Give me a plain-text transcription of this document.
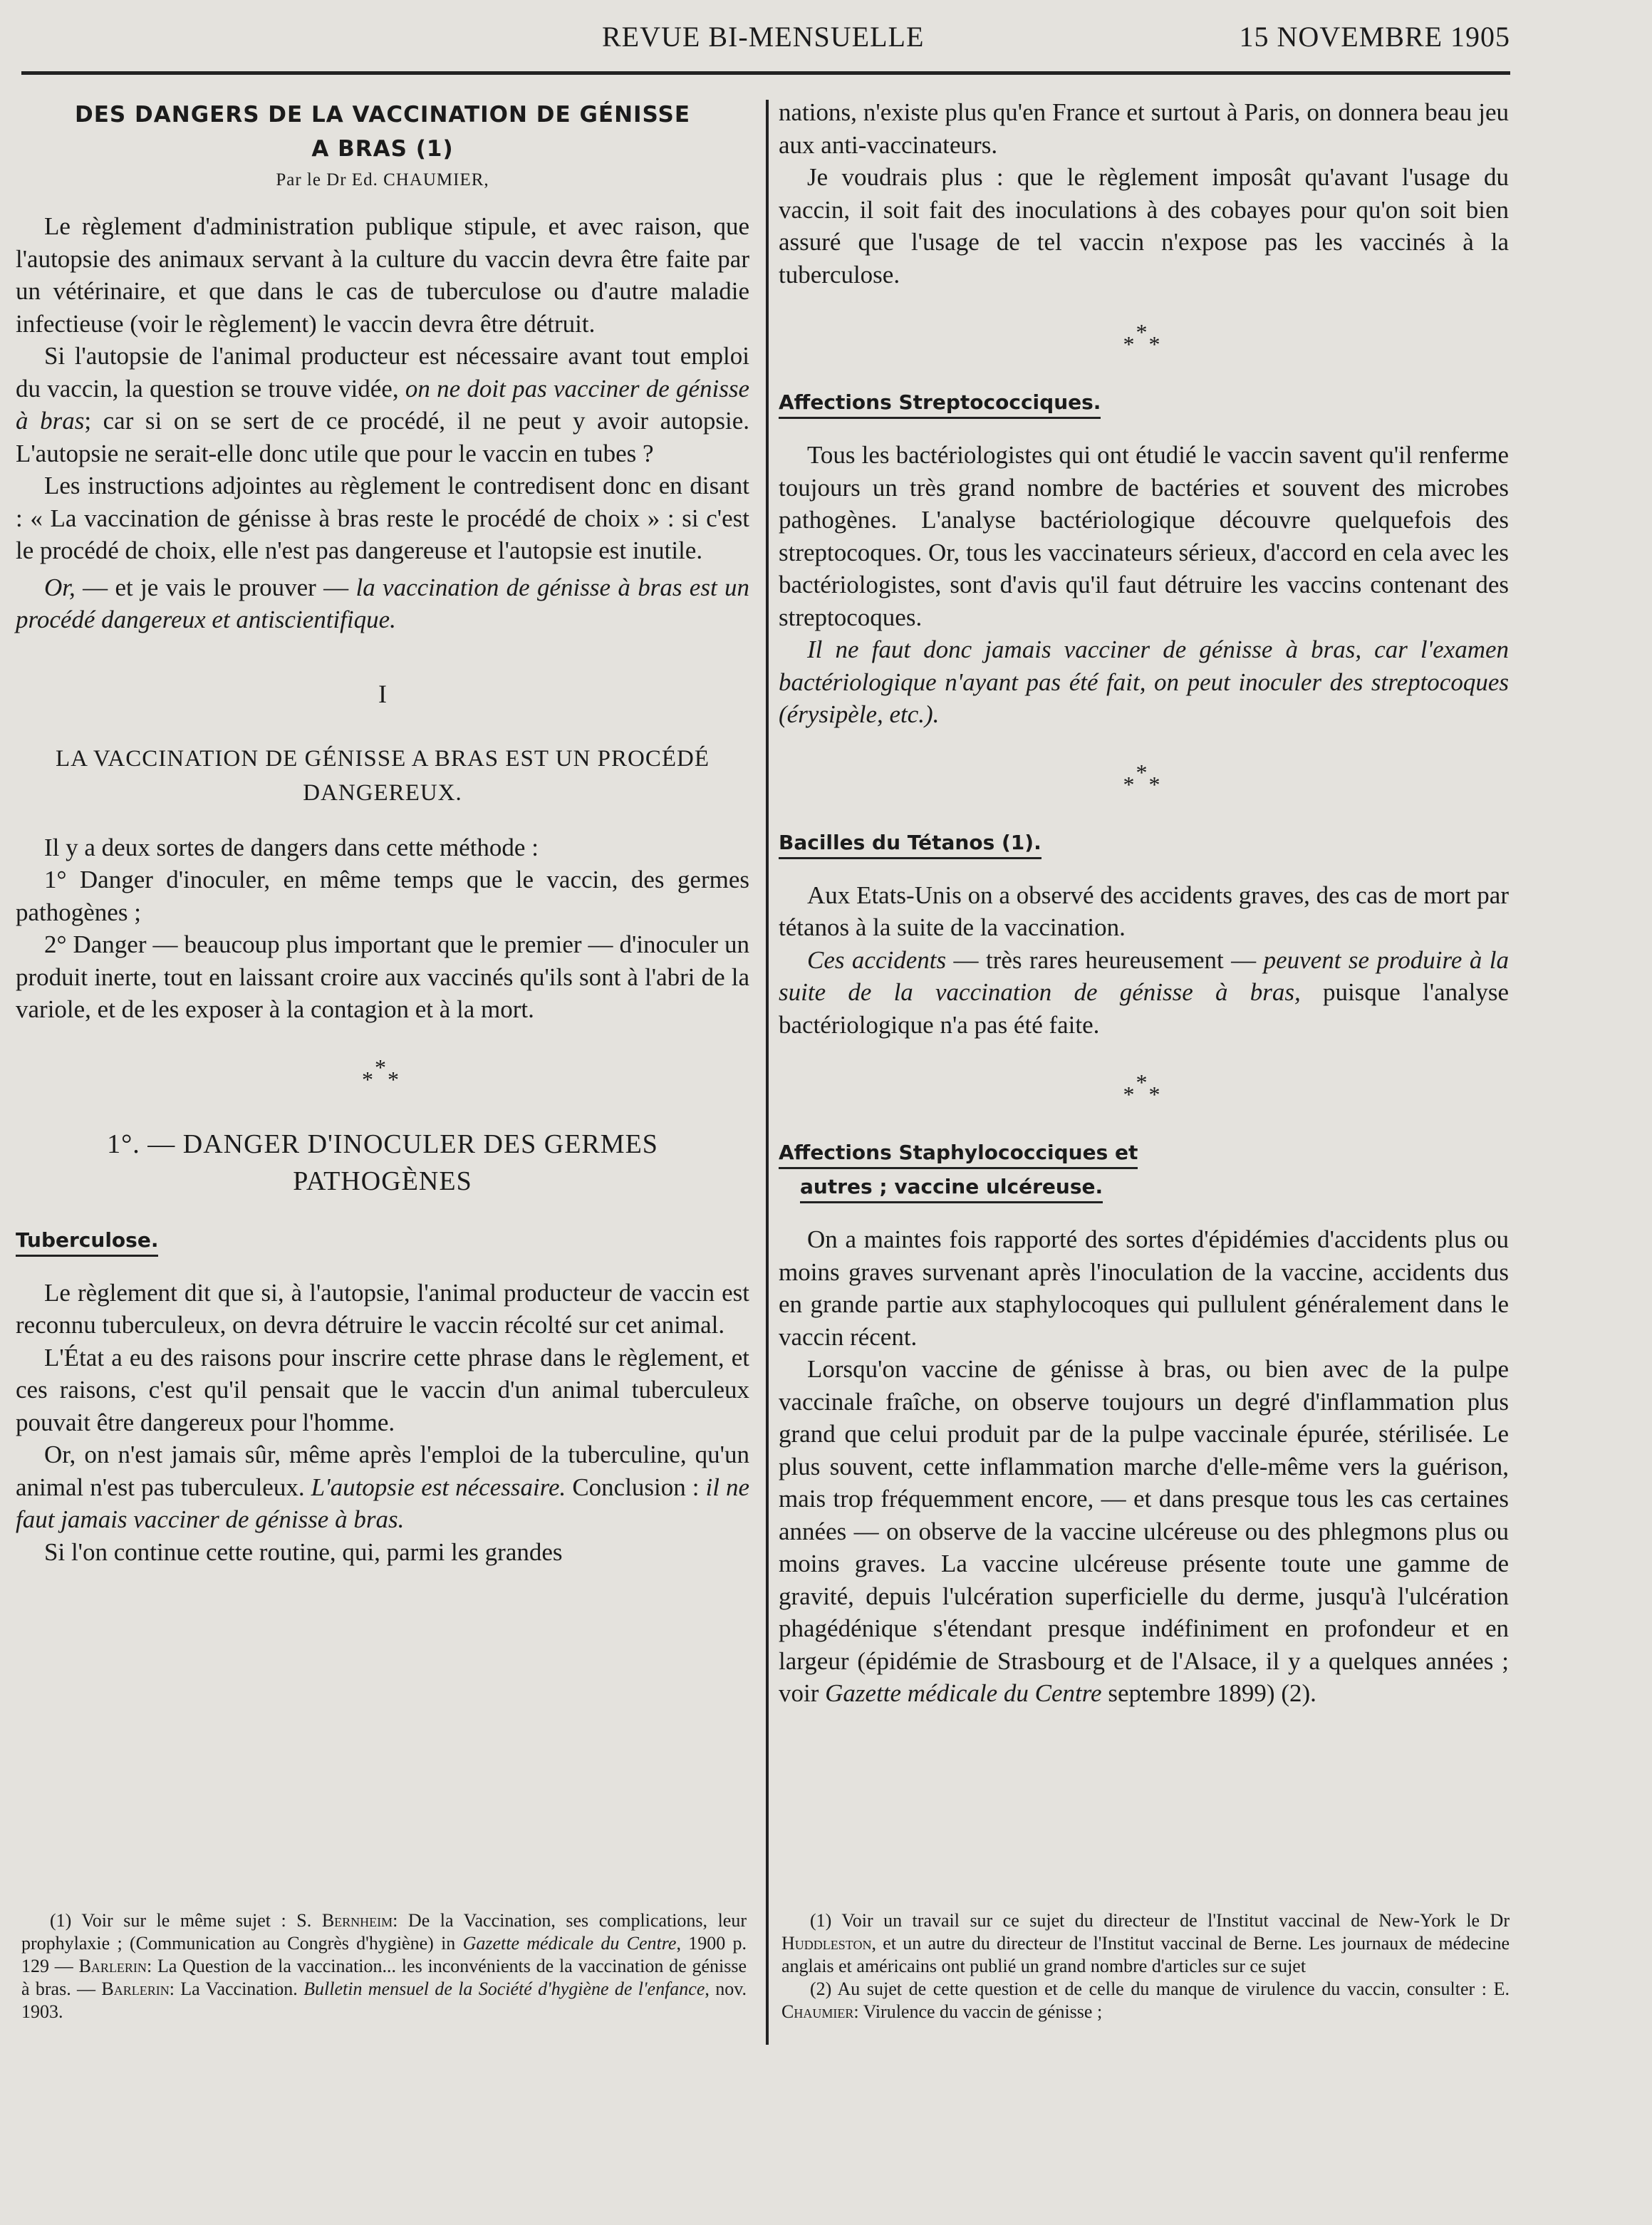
REVUE BI-MENSUELLE	15 NOVEMBRE 1905
DES DANGERS DE LA VACCINATION DE GÉNISSE
A BRAS (1)
Par le Dr Ed. CHAUMIER,

Le règlement d'administration publique stipule, et avec raison, que l'autopsie des animaux servant à la culture du vaccin devra être faite par un vétérinaire, et que dans le cas de tuberculose ou d'autre maladie infectieuse (voir le règlement) le vaccin devra être détruit.

Si l'autopsie de l'animal producteur est nécessaire avant tout emploi du vaccin, la question se trouve vidée, on ne doit pas vacciner de génisse à bras; car si on se sert de ce procédé, il ne peut y avoir autopsie. L'autopsie ne serait-elle donc utile que pour le vaccin en tubes ?

Les instructions adjointes au règlement le contredisent donc en disant : « La vaccination de génisse à bras reste le procédé de choix » : si c'est le procédé de choix, elle n'est pas dangereuse et l'autopsie est inutile.

Or, — et je vais le prouver — la vaccination de génisse à bras est un procédé dangereux et antiscientifique.

I
LA VACCINATION DE GÉNISSE A BRAS EST UN PROCÉDÉ DANGEREUX.

Il y a deux sortes de dangers dans cette méthode :

1° Danger d'inoculer, en même temps que le vaccin, des germes pathogènes ;

2° Danger — beaucoup plus important que le premier — d'inoculer un produit inerte, tout en laissant croire aux vaccinés qu'ils sont à l'abri de la variole, et de les exposer à la contagion et à la mort.

*
* *
1°. — DANGER D'INOCULER DES GERMES
PATHOGÈNES
Tuberculose.

Le règlement dit que si, à l'autopsie, l'animal producteur de vaccin est reconnu tuberculeux, on devra détruire le vaccin récolté sur cet animal.

L'État a eu des raisons pour inscrire cette phrase dans le règlement, et ces raisons, c'est qu'il pensait que le vaccin d'un animal tuberculeux pouvait être dangereux pour l'homme.

Or, on n'est jamais sûr, même après l'emploi de la tuberculine, qu'un animal n'est pas tuberculeux. L'autopsie est nécessaire. Conclusion : il ne faut jamais vacciner de génisse à bras.

Si l'on continue cette routine, qui, parmi les grandes

(1) Voir sur le même sujet : S. Bernheim: De la Vaccination, ses complications, leur prophylaxie ; (Communication au Congrès d'hygiène) in Gazette médicale du Centre, 1900 p. 129 — Barlerin: La Question de la vaccination... les inconvénients de la vaccination de génisse à bras. — Barlerin: La Vaccination. Bulletin mensuel de la Société d'hygiène de l'enfance, nov. 1903.

nations, n'existe plus qu'en France et surtout à Paris, on donnera beau jeu aux anti-vaccinateurs.

Je voudrais plus : que le règlement imposât qu'avant l'usage du vaccin, il soit fait des inoculations à des cobayes pour qu'on soit bien assuré que l'usage de tel vaccin n'expose pas les vaccinés à la tuberculose.

*
* *
Affections Streptococciques.

Tous les bactériologistes qui ont étudié le vaccin savent qu'il renferme toujours un très grand nombre de bactéries et souvent des microbes pathogènes. L'analyse bactériologique découvre quelquefois des streptocoques. Or, tous les vaccinateurs sérieux, d'accord en cela avec les bactériologistes, sont d'avis qu'il faut détruire les vaccins contenant des streptocoques.

Il ne faut donc jamais vacciner de génisse à bras, car l'examen bactériologique n'ayant pas été fait, on peut inoculer des streptocoques (érysipèle, etc.).

*
* *
Bacilles du Tétanos (1).

Aux Etats-Unis on a observé des accidents graves, des cas de mort par tétanos à la suite de la vaccination.

Ces accidents — très rares heureusement — peuvent se produire à la suite de la vaccination de génisse à bras, puisque l'analyse bactériologique n'a pas été faite.

*
* *
Affections Staphylococciques et
autres ; vaccine ulcéreuse.

On a maintes fois rapporté des sortes d'épidémies d'accidents plus ou moins graves survenant après l'inoculation de la vaccine, accidents dus en grande partie aux staphylocoques qui pullulent généralement dans le vaccin récent.

Lorsqu'on vaccine de génisse à bras, ou bien avec de la pulpe vaccinale fraîche, on observe toujours un degré d'inflammation plus grand que celui produit par de la pulpe vaccinale épurée, stérilisée. Le plus souvent, cette inflammation marche d'elle-même vers la guérison, mais trop fréquemment encore, — et dans presque tous les cas certaines années — on observe de la vaccine ulcéreuse ou des phlegmons plus ou moins graves. La vaccine ulcéreuse présente toute une gamme de gravité, depuis l'ulcération superficielle du derme, jusqu'à l'ulcération phagédénique s'étendant presque indéfiniment en profondeur et en largeur (épidémie de Strasbourg et de l'Alsace, il y a quelques années ; voir Gazette médicale du Centre septembre 1899) (2).

(1) Voir un travail sur ce sujet du directeur de l'Institut vaccinal de New-York le Dr Huddleston, et un autre du directeur de l'Institut vaccinal de Berne. Les journaux de médecine anglais et américains ont publié un grand nombre d'articles sur ce sujet

(2) Au sujet de cette question et de celle du manque de virulence du vaccin, consulter : E. Chaumier: Virulence du vaccin de génisse ;
